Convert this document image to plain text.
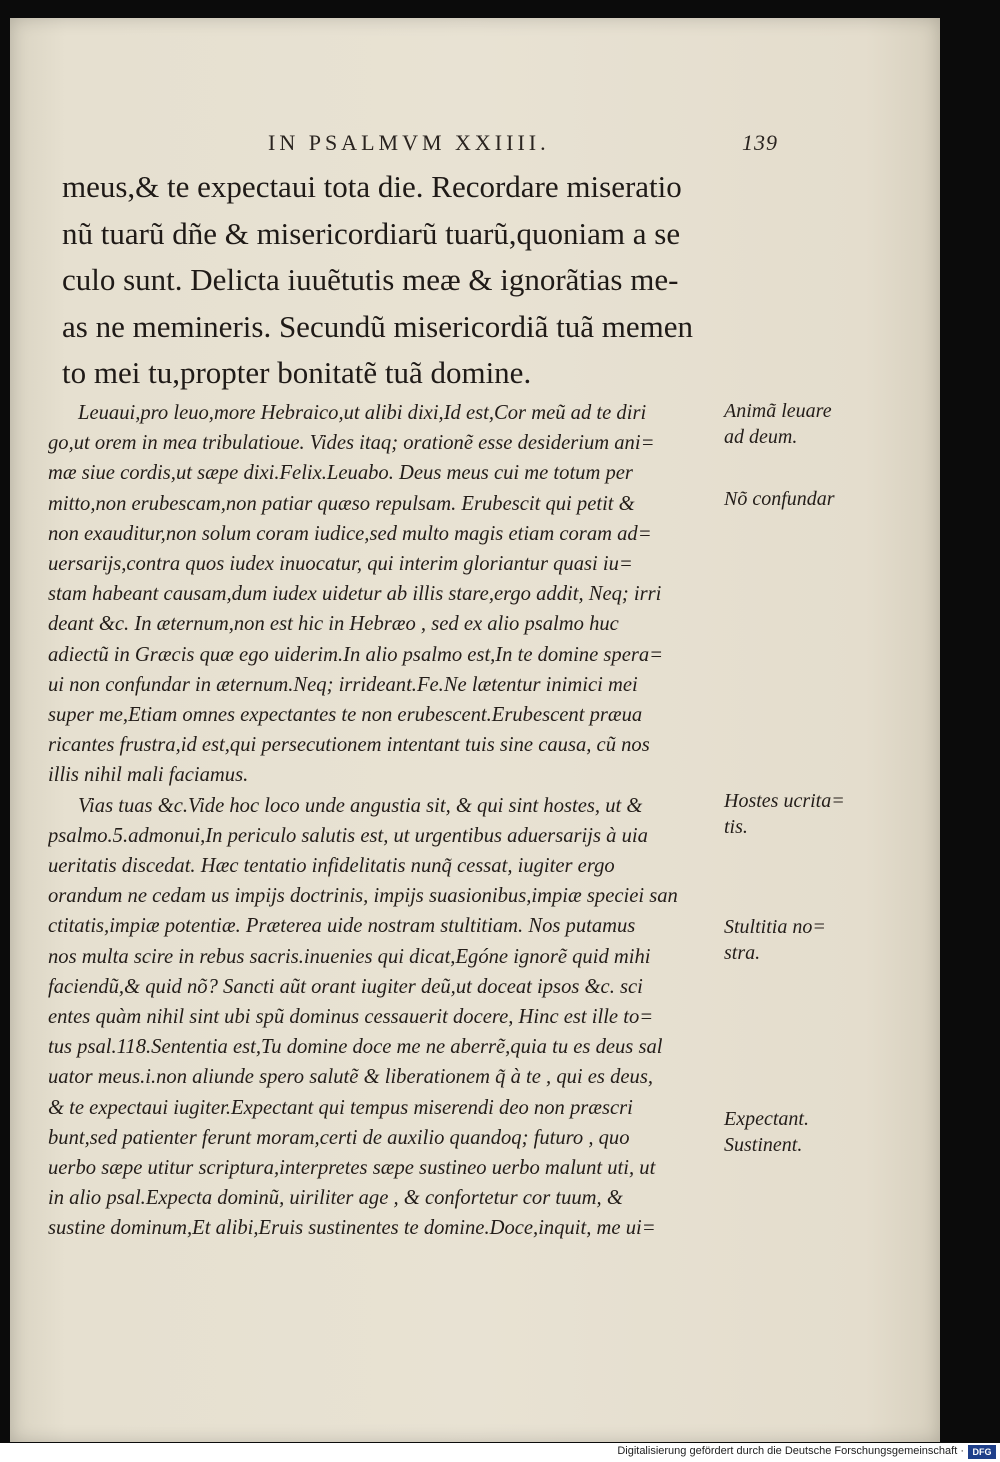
IN PSALMVM XXIIII.	139
meus,& te expectaui tota die. Recordare miseratio
nũ tuarũ dñe & misericordiarũ tuarũ,quoniam a se
culo sunt. Delicta iuuẽtutis meæ & ignorãtias me-
as ne memineris. Secundũ misericordiã tuã memen
to mei tu,propter bonitatẽ tuã domine.
Leuaui,pro leuo,more Hebraico,ut alibi dixi,Id est,Cor meũ ad te diri
go,ut orem in mea tribulatioue. Vides itaq; orationẽ esse desiderium ani=
mæ siue cordis,ut sæpe dixi.Felix.Leuabo. Deus meus cui me totum per
mitto,non erubescam,non patiar quæso repulsam. Erubescit qui petit &
non exauditur,non solum coram iudice,sed multo magis etiam coram ad=
uersarijs,contra quos iudex inuocatur, qui interim gloriantur quasi iu=
stam habeant causam,dum iudex uidetur ab illis stare,ergo addit, Neq; irri
deant &c. In æternum,non est hic in Hebræo , sed ex alio psalmo huc
adiectũ in Græcis quæ ego uiderim.In alio psalmo est,In te domine spera=
ui non confundar in æternum.Neq; irrideant.Fe.Ne lætentur inimici mei
super me,Etiam omnes expectantes te non erubescent.Erubescent præua
ricantes frustra,id est,qui persecutionem intentant tuis sine causa, cũ nos
illis nihil mali faciamus.
Vias tuas &c.Vide hoc loco unde angustia sit, & qui sint hostes, ut &
psalmo.5.admonui,In periculo salutis est, ut urgentibus aduersarijs à uia
ueritatis discedat. Hæc tentatio infidelitatis nunq̃ cessat, iugiter ergo
orandum ne cedam us impijs doctrinis, impijs suasionibus,impiæ speciei san
ctitatis,impiæ potentiæ. Præterea uide nostram stultitiam. Nos putamus
nos multa scire in rebus sacris.inuenies qui dicat,Egóne ignorẽ quid mihi
faciendũ,& quid nõ? Sancti aũt orant iugiter deũ,ut doceat ipsos &c. sci
entes quàm nihil sint ubi spũ dominus cessauerit docere, Hinc est ille to=
tus psal.118.Sententia est,Tu domine doce me ne aberrẽ,quia tu es deus sal
uator meus.i.non aliunde spero salutẽ & liberationem q̃ à te , qui es deus,
& te expectaui iugiter.Expectant qui tempus miserendi deo non præscri
bunt,sed patienter ferunt moram,certi de auxilio quandoq; futuro , quo
uerbo sæpe utitur scriptura,interpretes sæpe sustineo uerbo malunt uti, ut
in alio psal.Expecta dominũ, uiriliter age , & confortetur cor tuum, &
sustine dominum,Et alibi,Eruis sustinentes te domine.Doce,inquit, me ui=
Animã leuare
ad deum.
Nõ confundar
Hostes ucrita=
tis.
Stultitia no=
stra.
Expectant.
Sustinent.
Digitalisierung gefördert durch die Deutsche Forschungsgemeinschaft · DFG
